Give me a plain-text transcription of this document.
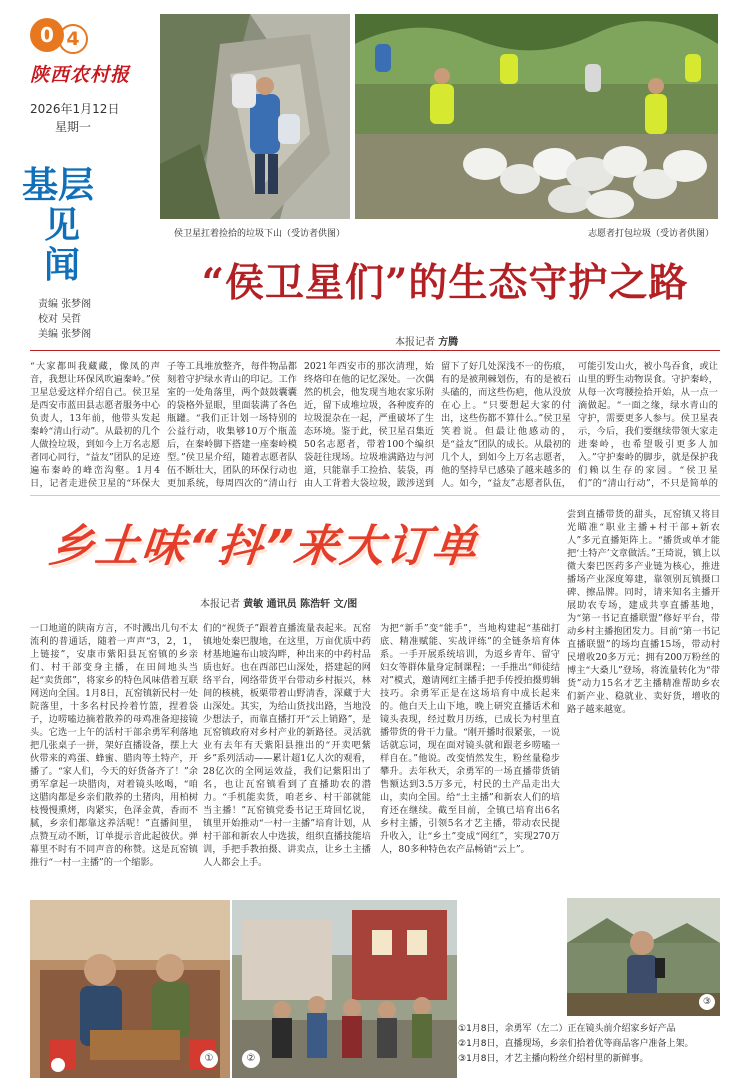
0 4
陕西农村报
2026年1月12日
星期一
基层
见闻
责编 张梦阁
校对 吴哲
美编 张梦阁
侯卫星扛着捡拾的垃圾下山（受访者供图）	志愿者打包垃圾（受访者供图）
“侯卫星们”的生态守护之路
本报记者 方腾
“大家都叫我藏藏，像凤的声音，我想让环保风吹遍秦岭。”侯卫星总爱这样介绍自己。侯卫星是西安市蓝田县志愿者服务中心负责人，13年前，他带头发起秦岭“清山行动”。从最初的几个人做捡垃圾，到如今上万名志愿者同心同行，“益友”团队的足迹遍布秦岭的峰峦沟壑。1月4日，记者走进侯卫星的“环保大
子等工具堆放整齐，每件物品都刻着守护绿水青山的印记。工作室的一处角落里，两个鼓鼓囊囊的袋格外显眼，里面装满了各色瓶罐。“我们正计划一场特别的公益行动，收集够10万个瓶盖后，在秦岭脚下搭建一座秦岭模型。”侯卫星介绍，随着志愿者队伍不断壮大，团队的环保行动也更加系统，每周四次的“清山行
2021年西安市的那次清理，始终烙印在他的记忆深处。一次偶然的机会，他发现当地农家乐附近，留下成堆垃圾，各种废弃的垃圾混杂在一起，严重破坏了生态环境。鉴于此，侯卫星召集近50名志愿者，带着100个编织袋赶往现场。垃圾堆满路边与河道，只能靠手工捡拾、装袋，再由人工背着大袋垃圾，跋涉送到
留下了好几处深浅不一的伤痕，有的是被荆棘划伤，有的是被石头磕的，而这些伤疤，他从没放在心上。“只要想起大家的付出，这些伤都不算什么。”侯卫星笑着说。但最让他感动的，是“益友”团队的成长。从最初的几个人，到如今上万名志愿者，他的坚持早已感染了越来越多的人。如今，“益友”志愿者队伍，
可能引发山火，被小鸟吞食，或让山里的野生动物误食。守护秦岭，从每一次弯腰捡拾开始，从一点一滴做起。“一面之缘，绿水青山的守护，需要更多人参与。侯卫星表示，今后，我们要继续带领大家走进秦岭，也希望吸引更多人加入。”守护秦岭的脚步，就是保护我们赖以生存的家园。“侯卫星们”的“清山行动”，不只是简单的
乡土味“抖”来大订单
本报记者 黄敏 通讯员 陈浩轩 文/图
尝到直播带货的甜头，瓦窑镇又将目光瞄准“职业主播+村干部+新农人”多元直播矩阵上。“播货或单才能把‘土特产’文章做活。”王琦说，镇上以微大秦巴医药多产业链为核心，推进播场产业深度筹建，靠领别瓦镇摄口碑、擦品牌。同时，请来知名主播开展助农专场，建成共享直播基地，为“第一书记直播联盟”修好平台，带动乡村主播抱团发力。目前“第一书记直播联盟”的场均直播15场，带动村民增收20多万元；拥有200万粉丝的博主“大桑儿”登场，将流量转化为“带货”动力15名才艺主播精准帮助乡农们新产业、稳就业、卖好货，增收的路子越来越宽。
一口地道的陕南方言，不时溅出几句不太流利的普通话，随着一声声“3，2，1，上链接”，安康市紫阳县瓦窑镇的乡亲们、村干部变身主播，在田间地头当起“卖货郎”，将家乡的特色风味借着互联网送向全国。1月8日，瓦窑镇新民村一处院落里，十多名村民拎着竹篮，捏着袋子，边唠嗑边摘着散养的母鸡准备迎接镜头。它选一上午的活村干部余勇军利落地把几张桌子一拼，架好直播设备，摆上大伙带来的鸡蛋、蜂蜜、腊肉等土特产，开播了。“家人们，今天的好货备齐了！”余勇军拿起一块腊肉，对着镜头吆喝，“咱这腊肉都是乡亲们散养的土猪肉，用柏树枝慢慢熏烤，肉紧实，色泽金黄，香而不腻，乡亲们都靠这养活呢！”直播间里，点赞互动不断，订单提示音此起彼伏。弹幕里不时有不同声音的称赞。这是瓦窑镇推行“一村一主播”的一个缩影。
们的“视货子”跟着直播流量表起来。瓦窑镇地处秦巴腹地，在这里，万亩优质中药材基地遍布山坡沟畔，种出来的中药村品质也好。也在西部巴山深处，搭建起的网络平台，网络带货平台带动乡村振兴，林间的核桃，板栗带着山野清香，深藏于大山深处。其实，为给山货找出路，当地没少想法子，而靠直播打开“云上销路”，是瓦窑镇政府对乡村产业的新路径。灵活就业有去年有天紫阳县推出的“开卖吧紫乡”系列活动——累计超1亿人次的观看，28亿次的全网运效益，我们记紫阳出了名，也让瓦窑镇看到了直播助农的潜力。“手机能卖货，咱老乡、村干部就能当主播！”瓦窑镇党委书记王琦回忆说，镇里开始推动“一村一主播”培育计划，从村干部和新农人中选拔，组织直播技能培训，手把手教拍摄、讲卖点，让乡土主播人人都会上手。
为把“新手”变“能手”，当地构建起“基础打底、精准赋能、实战评练”的全链条培育体系。一手开展系统培训，为返乡青年、留守妇女等群体量身定制课程；一手推出“师徒结对”模式，邀请网红主播手把手传授拍摄剪辑技巧。余勇军正是在这场培育中成长起来的。他白天上山下地，晚上研究直播话术和镜头表现，经过数月历练，已成长为村里直播带货的骨干力量。“刚开播时很紧张，一说话就忘词，现在面对镜头就和跟老乡唠嗑一样自在。”他说。改变悄然发生，粉丝量稳步攀升。去年秋天，余勇军的一场直播带货销售额达到3.5万多元，村民的土产品走出大山，卖向全国。给“土主播”和新农人们的培育还在继续。截至目前，全镇已培育出6名乡村主播，引领5名才艺主播，带动农民提升收入，让“乡土”变成“网红”，实现270万人，80多种特色农产品畅销“云上”。
①	②
③
①1月8日，余勇军（左二）正在镜头前介绍家乡好产品
②1月8日，直播现场，乡亲们拾着优等商品客户准备上架。
③1月8日，才艺主播向粉丝介绍村里的新鲜事。
